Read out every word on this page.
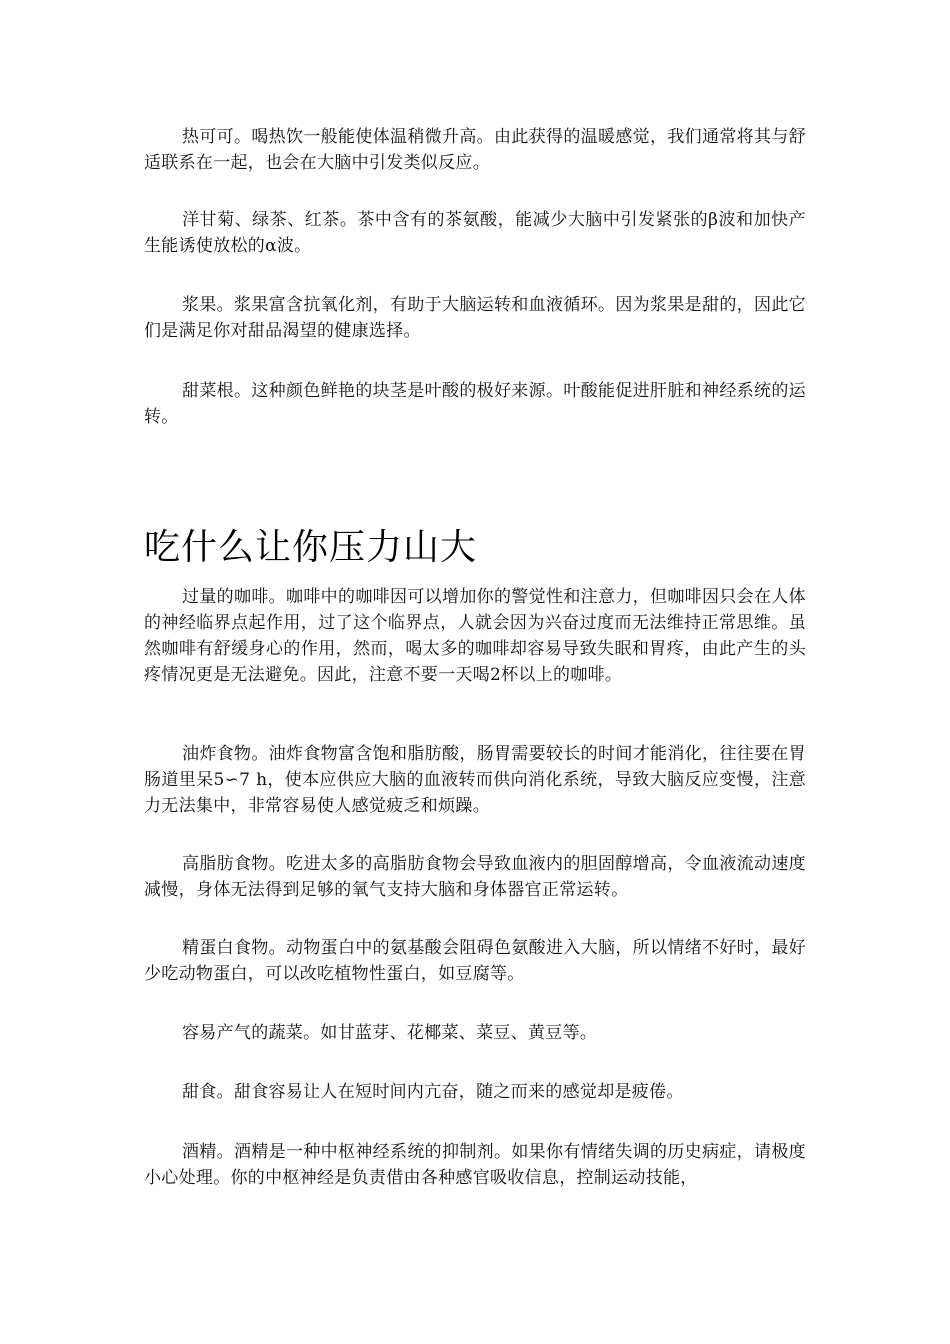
热可可。喝热饮一般能使体温稍微升高。由此获得的温暖感觉，我们通常将其与舒适联系在一起，也会在大脑中引发类似反应。

洋甘菊、绿茶、红茶。茶中含有的茶氨酸，能减少大脑中引发紧张的β波和加快产生能诱使放松的α波。

浆果。浆果富含抗氧化剂，有助于大脑运转和血液循环。因为浆果是甜的，因此它们是满足你对甜品渴望的健康选择。

甜菜根。这种颜色鲜艳的块茎是叶酸的极好来源。叶酸能促进肝脏和神经系统的运转。

吃什么让你压力山大

过量的咖啡。咖啡中的咖啡因可以增加你的警觉性和注意力，但咖啡因只会在人体的神经临界点起作用，过了这个临界点，人就会因为兴奋过度而无法维持正常思维。虽然咖啡有舒缓身心的作用，然而，喝太多的咖啡却容易导致失眠和胃疼，由此产生的头疼情况更是无法避免。因此，注意不要一天喝2杯以上的咖啡。

油炸食物。油炸食物富含饱和脂肪酸，肠胃需要较长的时间才能消化，往往要在胃肠道里呆5∽7 h，使本应供应大脑的血液转而供向消化系统，导致大脑反应变慢，注意力无法集中，非常容易使人感觉疲乏和烦躁。

高脂肪食物。吃进太多的高脂肪食物会导致血液内的胆固醇增高，令血液流动速度减慢，身体无法得到足够的氧气支持大脑和身体器官正常运转。

精蛋白食物。动物蛋白中的氨基酸会阻碍色氨酸进入大脑，所以情绪不好时，最好少吃动物蛋白，可以改吃植物性蛋白，如豆腐等。

容易产气的蔬菜。如甘蓝芽、花椰菜、菜豆、黄豆等。

甜食。甜食容易让人在短时间内亢奋，随之而来的感觉却是疲倦。

酒精。酒精是一种中枢神经系统的抑制剂。如果你有情绪失调的历史病症，请极度小心处理。你的中枢神经是负责借由各种感官吸收信息，控制运动技能，
